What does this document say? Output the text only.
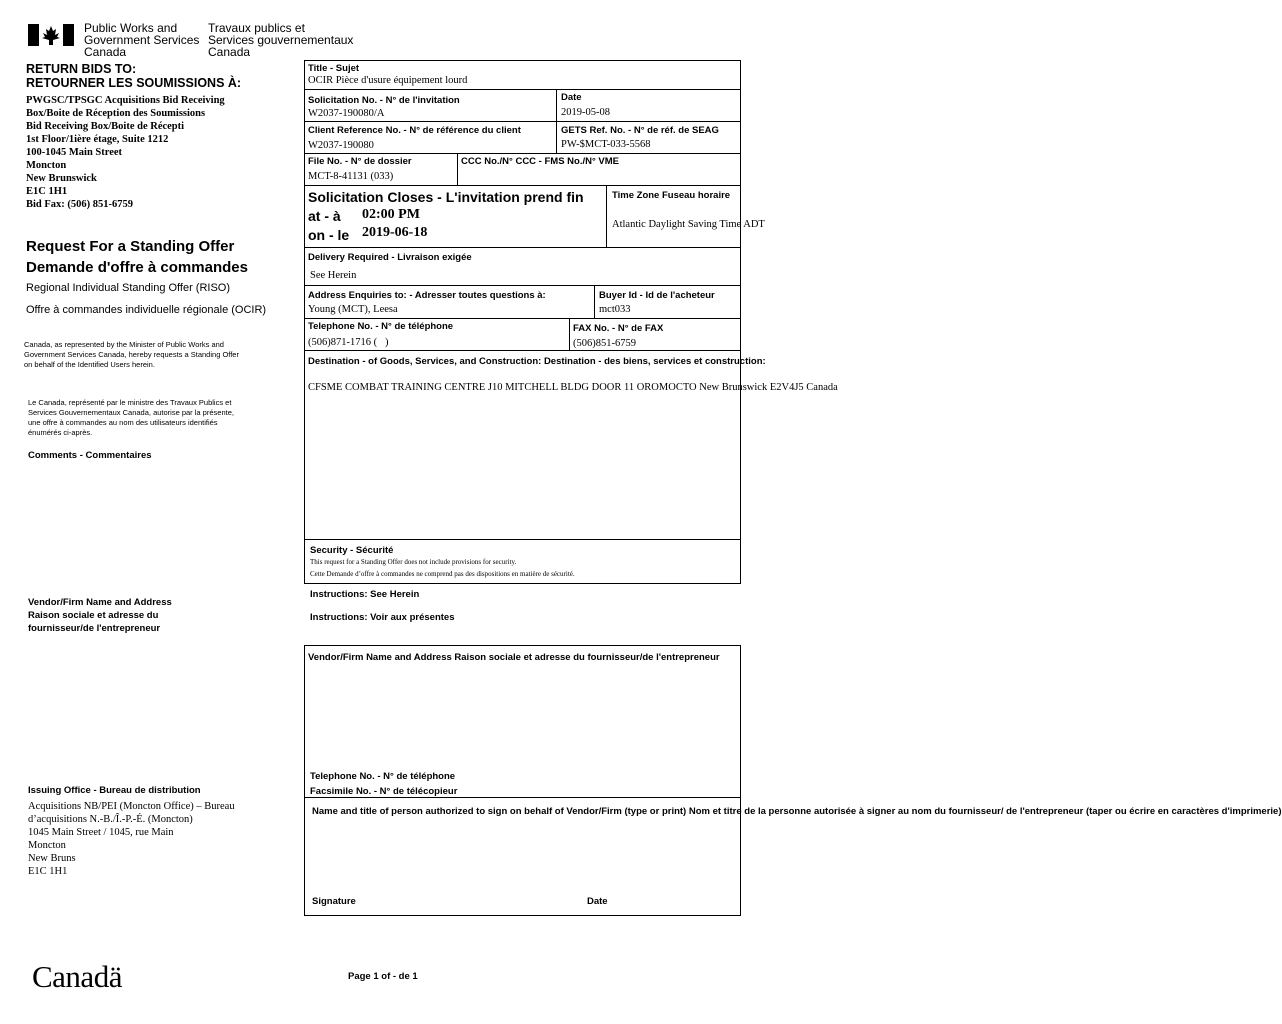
Public Works and
Government Services
Canada
Travaux publics et
Services gouvernementaux
Canada
RETURN BIDS TO:
RETOURNER LES SOUMISSIONS À:
PWGSC/TPSGC Acquisitions Bid Receiving
Box/Boite de Réception des Soumissions
Bid Receiving Box/Boite de Récepti
1st Floor/1ière étage, Suite 1212
100-1045 Main Street
Moncton
New Brunswick
E1C 1H1
Bid Fax: (506) 851-6759
Request For a Standing Offer
Demande d'offre à commandes
Regional Individual Standing Offer (RISO)
Offre à commandes individuelle régionale (OCIR)
Canada, as represented by the Minister of Public Works and
Government Services Canada, hereby requests a Standing Offer
on behalf of the Identified Users herein.
Le Canada, représenté par le ministre des Travaux Publics et
Services Gouvernementaux Canada, autorise par la présente,
une offre à commandes au nom des utilisateurs identifiés
énumérés ci-après.
Comments - Commentaires
Vendor/Firm Name and Address
Raison sociale et adresse du
fournisseur/de l'entrepreneur
Issuing Office - Bureau de distribution
Acquisitions NB/PEI (Moncton Office) – Bureau
d’acquisitions N.-B./Î.-P.-É. (Moncton)
1045 Main Street / 1045, rue Main
Moncton
New Bruns
E1C 1H1
Title - Sujet
OCIR Pièce d'usure équipement lourd
Solicitation No. - N° de l'invitation
W2037-190080/A
Date
2019-05-08
Client Reference No. - N° de référence du client
W2037-190080
GETS Ref. No. - N° de réf. de SEAG
PW-$MCT-033-5568
File No. - N° de dossier
MCT-8-41131 (033)
CCC No./N° CCC - FMS No./N° VME
Solicitation Closes - L'invitation prend fin
at - à 02:00 PM
on - le 2019-06-18
Time Zone Fuseau horaire
Atlantic Daylight Saving Time ADT
Delivery Required - Livraison exigée
See Herein
Address Enquiries to: - Adresser toutes questions à:
Young (MCT), Leesa
Buyer Id - Id de l'acheteur
mct033
Telephone No. - N° de téléphone
(506)871-1716 (   )
FAX No. - N° de FAX
(506)851-6759
Destination - of Goods, Services, and Construction: Destination - des biens, services et construction:
CFSME COMBAT TRAINING CENTRE J10 MITCHELL BLDG DOOR 11 OROMOCTO New Brunswick E2V4J5 Canada
Security - Sécurité
This request for a Standing Offer does not include provisions for security.
Cette Demande d’offre à commandes ne comprend pas des dispositions en matière de sécurité.
Instructions: See Herein
Instructions: Voir aux présentes
Vendor/Firm Name and Address Raison sociale et adresse du fournisseur/de l'entrepreneur
Telephone No. - N° de téléphone
Facsimile No. - N° de télécopieur
Name and title of person authorized to sign on behalf of Vendor/Firm (type or print) Nom et titre de la personne autorisée à signer au nom du fournisseur/ de l'entrepreneur (taper ou écrire en caractères d'imprimerie)
Signature	Date
Canadä	Page 1 of - de 1
